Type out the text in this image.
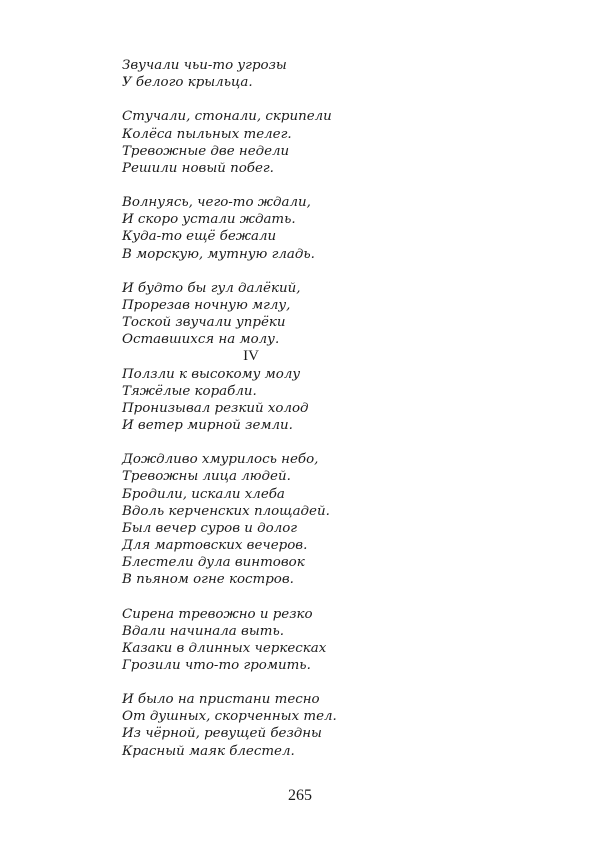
Звучали чьи-то угрозы
У белого крыльца.
Стучали, стонали, скрипели
Колёса пыльных телег.
Тревожные две недели
Решили новый побег.
Волнуясь, чего-то ждали,
И скоро устали ждать.
Куда-то ещё бежали
В морскую, мутную гладь.
И будто бы гул далёкий,
Прорезав ночную мглу,
Тоской звучали упрёки
Оставшихся на молу.
IV
Ползли к высокому молу
Тяжёлые корабли.
Пронизывал резкий холод
И ветер мирной земли.
Дождливо хмурилось небо,
Тревожны лица людей.
Бродили, искали хлеба
Вдоль керченских площадей.
Был вечер суров и долог
Для мартовских вечеров.
Блестели дула винтовок
В пьяном огне костров.
Сирена тревожно и резко
Вдали начинала выть.
Казаки в длинных черкесках
Грозили что-то громить.
И было на пристани тесно
От душных, скорченных тел.
Из чёрной, ревущей бездны
Красный маяк блестел.
265
